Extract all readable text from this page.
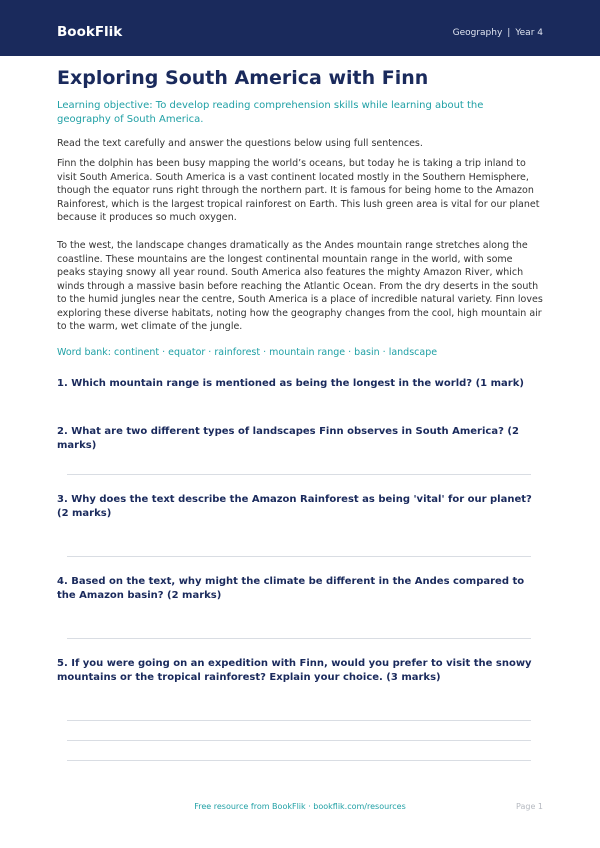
BookFlik	Geography | Year 4
Exploring South America with Finn

Learning objective: To develop reading comprehension skills while learning about the geography of South America.

Read the text carefully and answer the questions below using full sentences.

Finn the dolphin has been busy mapping the world’s oceans, but today he is taking a trip inland to visit South America. South America is a vast continent located mostly in the Southern Hemisphere, though the equator runs right through the northern part. It is famous for being home to the Amazon Rainforest, which is the largest tropical rainforest on Earth. This lush green area is vital for our planet because it produces so much oxygen.

To the west, the landscape changes dramatically as the Andes mountain range stretches along the coastline. These mountains are the longest continental mountain range in the world, with some peaks staying snowy all year round. South America also features the mighty Amazon River, which winds through a massive basin before reaching the Atlantic Ocean. From the dry deserts in the south to the humid jungles near the centre, South America is a place of incredible natural variety. Finn loves exploring these diverse habitats, noting how the geography changes from the cool, high mountain air to the warm, wet climate of the jungle.

Word bank: continent · equator · rainforest · mountain range · basin · landscape

1. Which mountain range is mentioned as being the longest in the world? (1 mark)

2. What are two different types of landscapes Finn observes in South America? (2 marks)

3. Why does the text describe the Amazon Rainforest as being 'vital' for our planet? (2 marks)

4. Based on the text, why might the climate be different in the Andes compared to the Amazon basin? (2 marks)

5. If you were going on an expedition with Finn, would you prefer to visit the snowy mountains or the tropical rainforest? Explain your choice. (3 marks)

Free resource from BookFlik · bookflik.com/resources	Page 1
